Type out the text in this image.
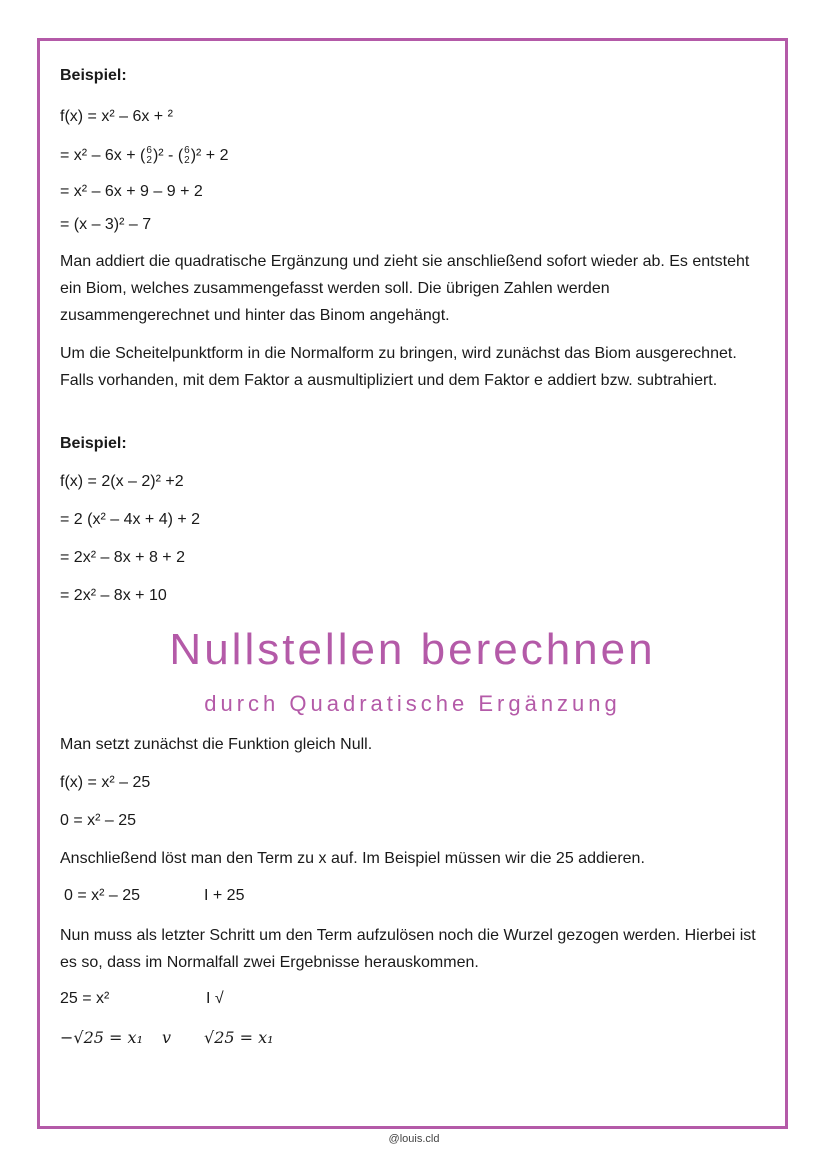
Beispiel:
f(x) = x² – 6x + ²
= x² – 6x + ( 6
2 )² - ( 6
2 )² + 2
= x² – 6x + 9 – 9 + 2
= (x – 3)² – 7
Man addiert die quadratische Ergänzung und zieht sie anschließend sofort wieder ab. Es entsteht ein Biom, welches zusammengefasst werden soll. Die übrigen Zahlen werden zusammengerechnet und hinter das Binom angehängt.
Um die Scheitelpunktform in die Normalform zu bringen, wird zunächst das Biom ausgerechnet. Falls vorhanden, mit dem Faktor a ausmultipliziert und dem Faktor e addiert bzw. subtrahiert.
Beispiel:
f(x) = 2(x – 2)² +2
= 2 (x² – 4x + 4) + 2
= 2x² – 8x + 8 + 2
= 2x² – 8x + 10
Man setzt zunächst die Funktion gleich Null.
f(x) = x² – 25
0 = x² – 25
Anschließend löst man den Term zu x auf. Im Beispiel müssen wir die 25 addieren.
0 = x² – 25	I + 25
Nun muss als letzter Schritt um den Term aufzulösen noch die Wurzel gezogen werden. Hierbei ist es so, dass im Normalfall zwei Ergebnisse herauskommen.
25 = x²	I √
−√25 = x₁ v √25 = x₁
Nullstellen berechnen
durch Quadratische Ergänzung
@louis.cld
